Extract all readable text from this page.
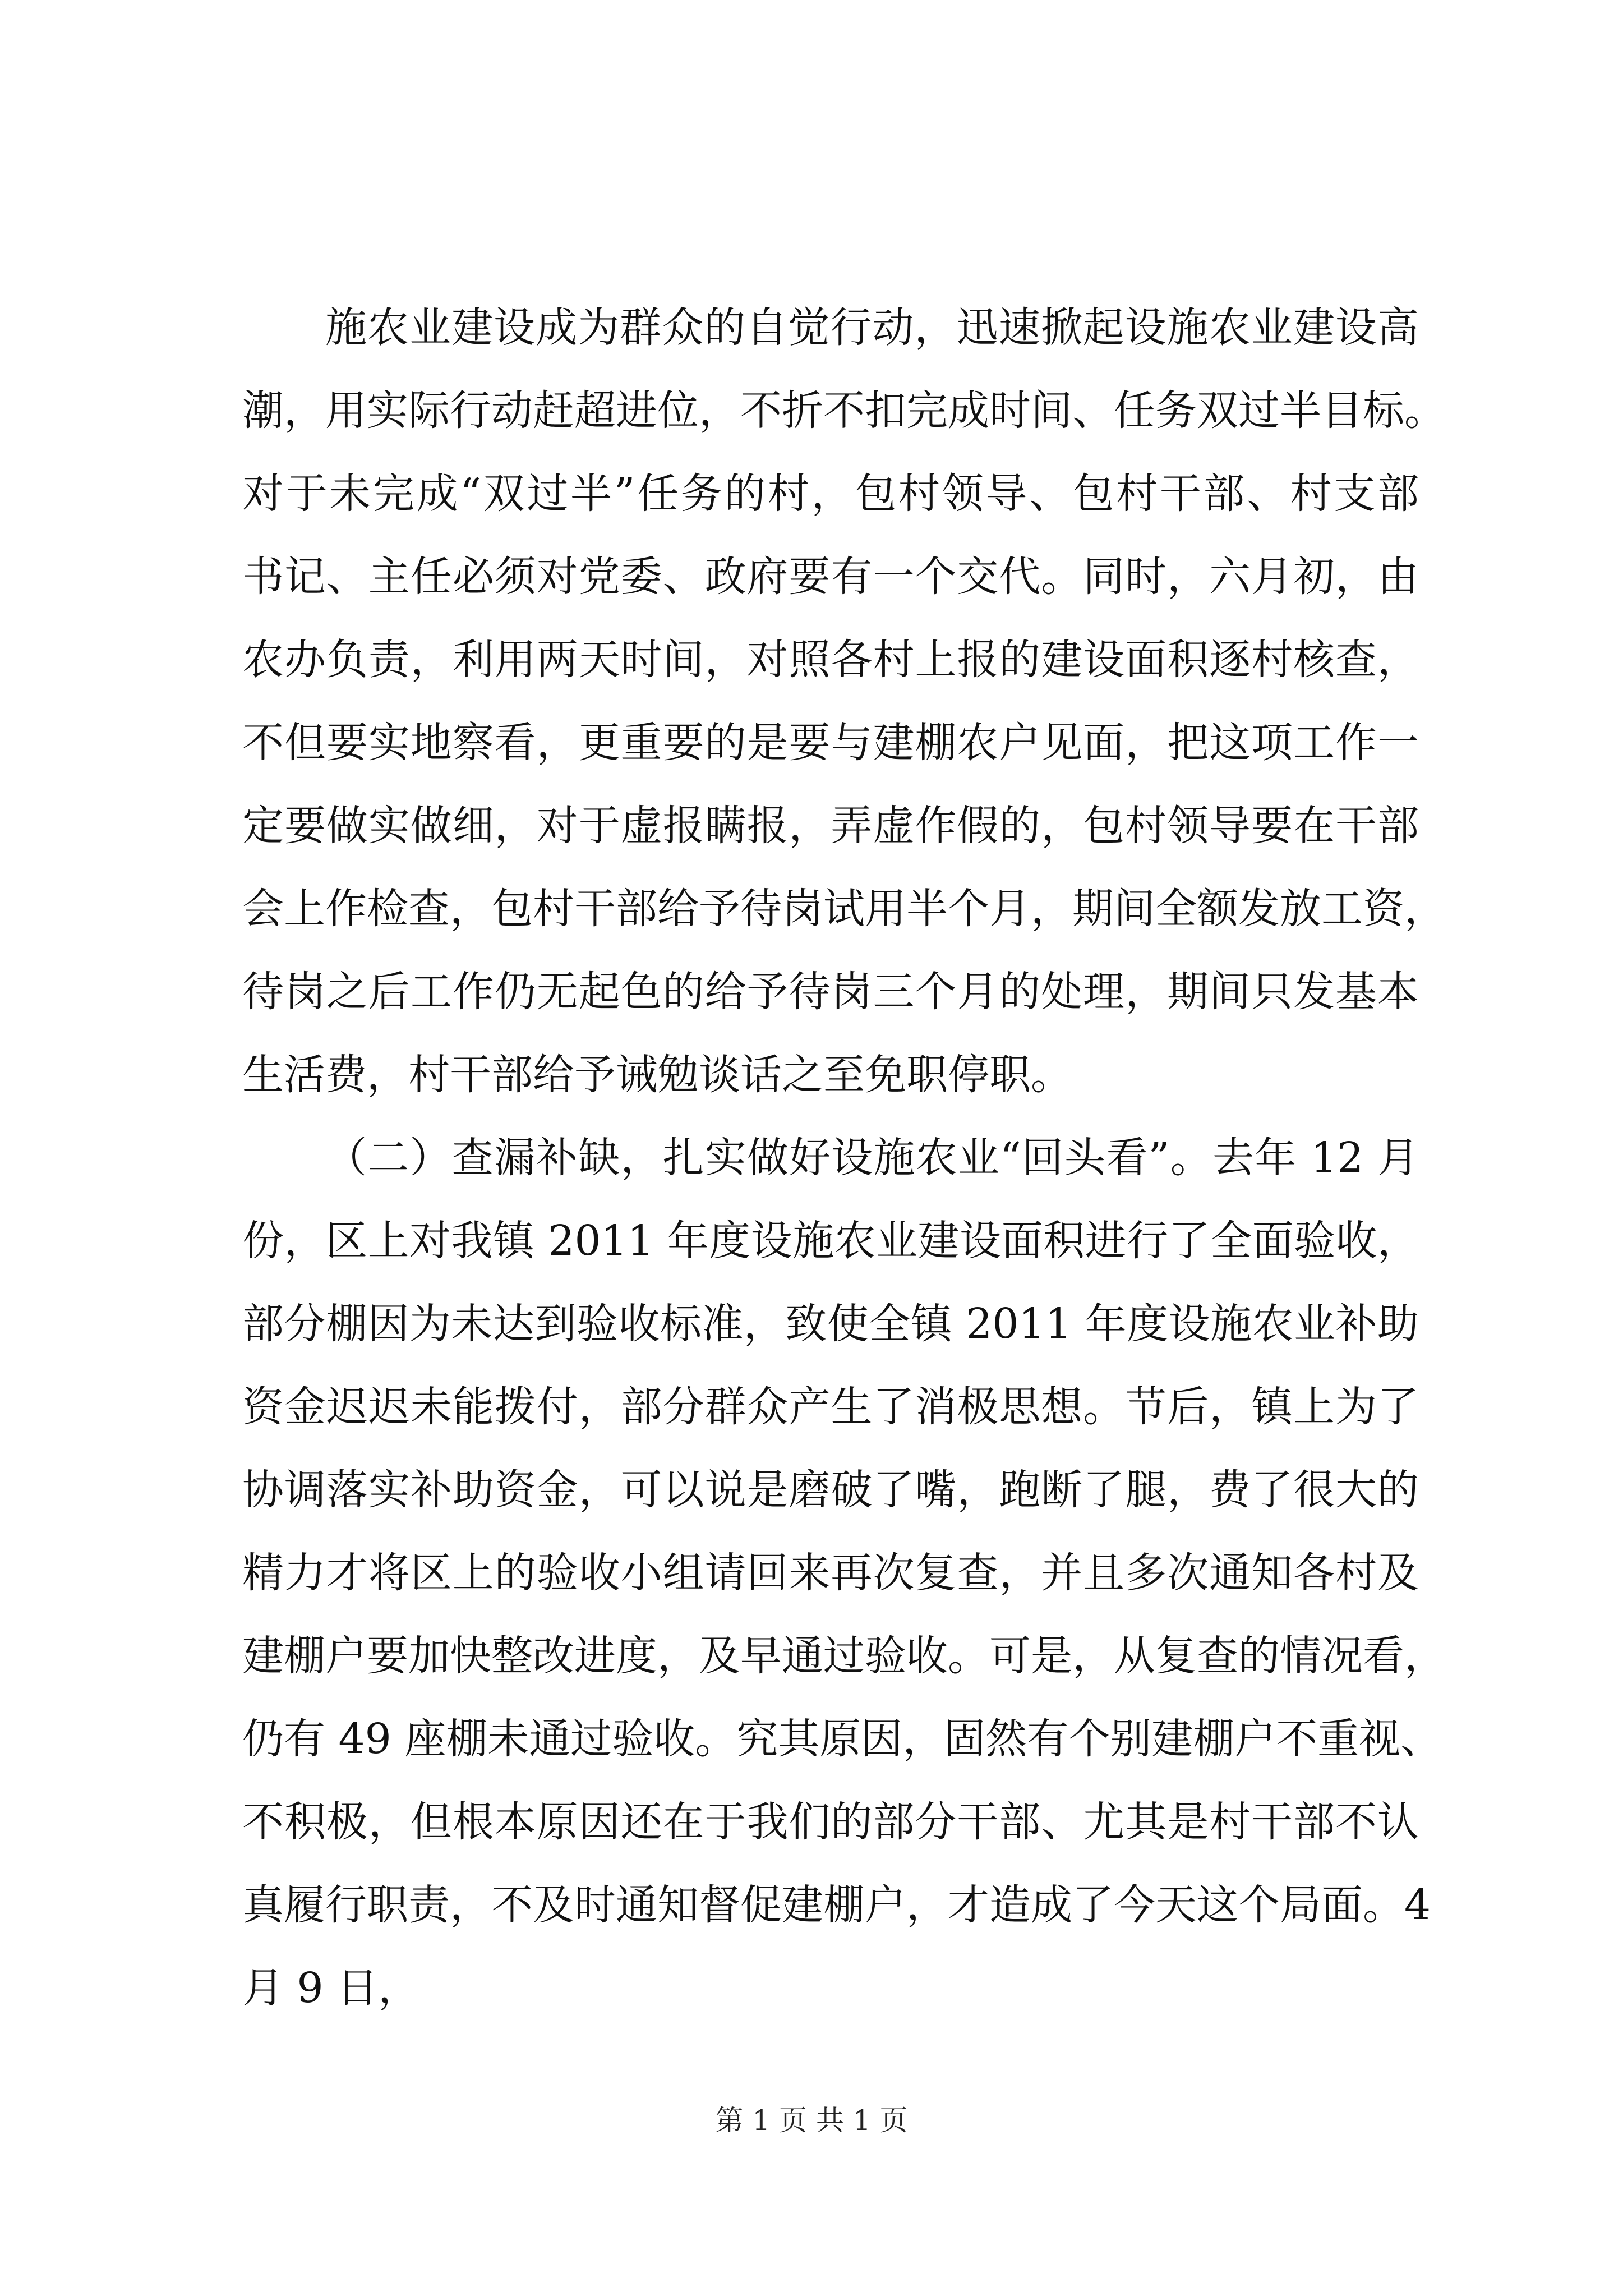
施农业建设成为群众的自觉行动，迅速掀起设施农业建设高
潮，用实际行动赶超进位，不折不扣完成时间、任务双过半目标。
对于未完成“双过半”任务的村，包村领导、包村干部、村支部
书记、主任必须对党委、政府要有一个交代。同时，六月初，由
农办负责，利用两天时间，对照各村上报的建设面积逐村核查，
不但要实地察看，更重要的是要与建棚农户见面，把这项工作一
定要做实做细，对于虚报瞒报，弄虚作假的，包村领导要在干部
会上作检查，包村干部给予待岗试用半个月，期间全额发放工资，
待岗之后工作仍无起色的给予待岗三个月的处理，期间只发基本
生活费，村干部给予诫勉谈话之至免职停职。
（二）查漏补缺，扎实做好设施农业“回头看”。去年 12 月
份，区上对我镇 2011 年度设施农业建设面积进行了全面验收，
部分棚因为未达到验收标准，致使全镇 2011 年度设施农业补助
资金迟迟未能拨付，部分群众产生了消极思想。节后，镇上为了
协调落实补助资金，可以说是磨破了嘴，跑断了腿，费了很大的
精力才将区上的验收小组请回来再次复查，并且多次通知各村及
建棚户要加快整改进度，及早通过验收。可是，从复查的情况看，
仍有 49 座棚未通过验收。究其原因，固然有个别建棚户不重视、
不积极，但根本原因还在于我们的部分干部、尤其是村干部不认
真履行职责，不及时通知督促建棚户，才造成了今天这个局面。4
月 9 日，
第 1 页 共 1 页
